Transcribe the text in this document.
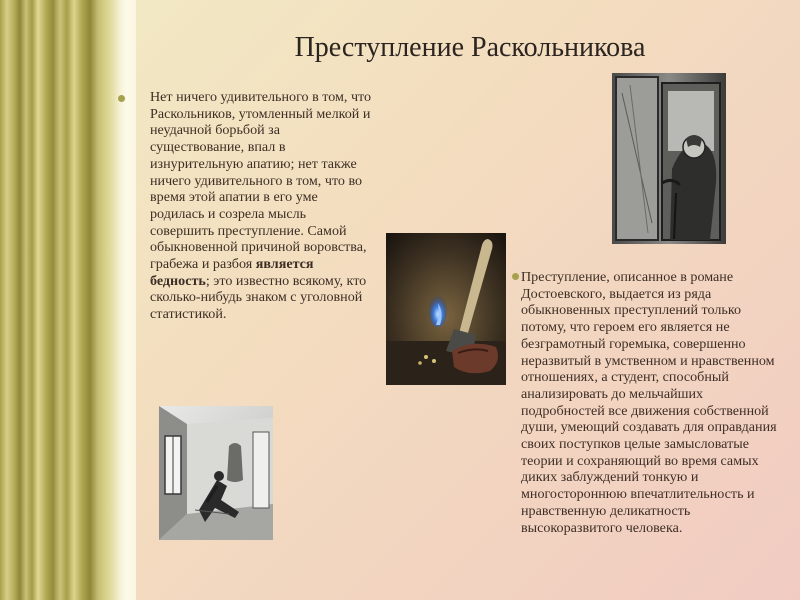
Преступление Раскольникова

Нет ничего удивительного в том, что Раскольников, утомленный мелкой и неудачной борьбой за существование, впал в изнурительную апатию; нет также ничего удивительного в том, что во время этой апатии в его уме родилась и созрела мысль совершить преступление. Самой обыкновенной причиной воровства, грабежа и разбоя является бедность; это известно всякому, кто сколько-нибудь знаком с уголовной статистикой.

Преступление, описанное в романе Достоевского, выдается из ряда обыкновенных преступлений только потому, что героем его является не безграмотный горемыка, совершенно неразвитый в умственном и нравственном отношениях, а студент, способный анализировать до мельчайших подробностей все движения собственной души, умеющий создавать для оправдания своих поступков целые замысловатые теории и сохраняющий во время самых диких заблуждений тонкую и многостороннюю впечатлительность и нравственную деликатность высокоразвитого человека.
